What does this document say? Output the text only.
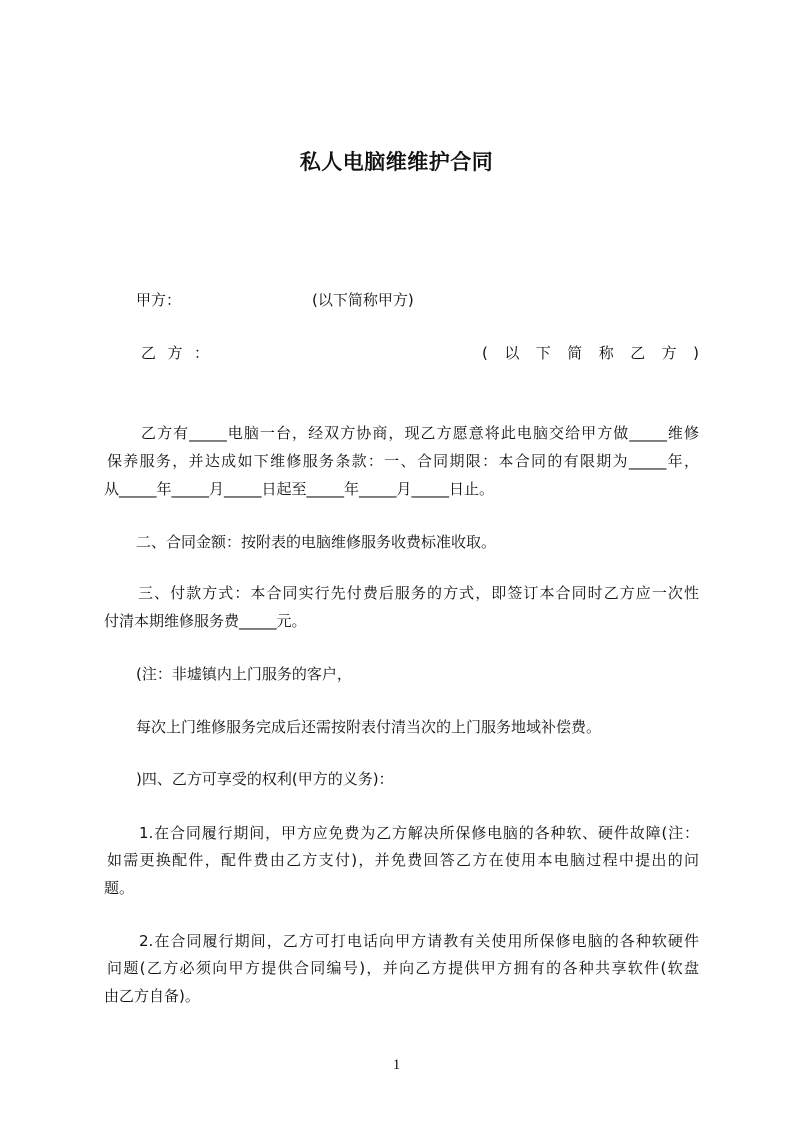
私人电脑维维护合同
甲方：	(以下简称甲方)
乙 方 ：	( 以 下 简 称 乙 方 )
乙方有_____电脑一台，经双方协商，现乙方愿意将此电脑交给甲方做_____维修
保养服务，并达成如下维修服务条款：一、合同期限：本合同的有限期为_____年，
从_____年_____月_____日起至_____年_____月_____日止。
二、合同金额：按附表的电脑维修服务收费标准收取。
三、付款方式：本合同实行先付费后服务的方式，即签订本合同时乙方应一次性
付清本期维修服务费_____元。
(注：非墟镇内上门服务的客户，
每次上门维修服务完成后还需按附表付清当次的上门服务地域补偿费。
)四、乙方可享受的权利(甲方的义务)：
1.在合同履行期间，甲方应免费为乙方解决所保修电脑的各种软、硬件故障(注：
如需更换配件，配件费由乙方支付)，并免费回答乙方在使用本电脑过程中提出的问
题。
2.在合同履行期间，乙方可打电话向甲方请教有关使用所保修电脑的各种软硬件
问题(乙方必须向甲方提供合同编号)，并向乙方提供甲方拥有的各种共享软件(软盘
由乙方自备)。
1
